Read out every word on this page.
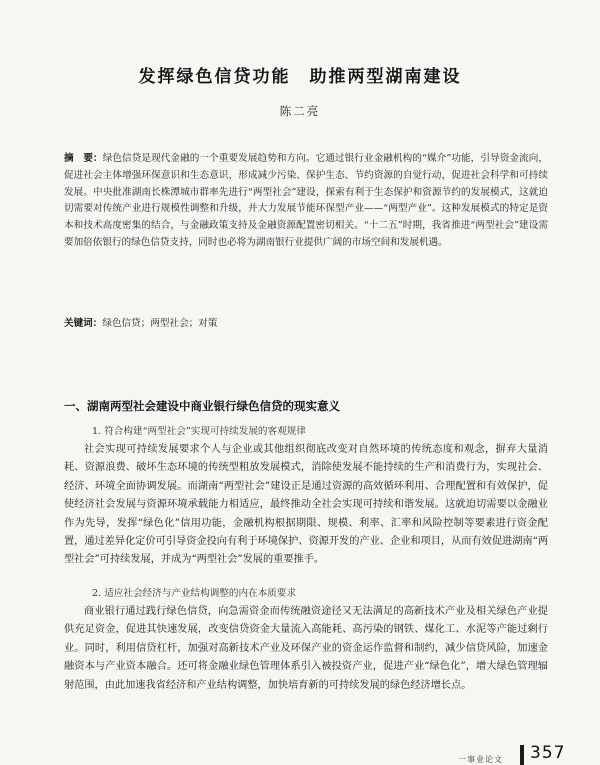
发挥绿色信贷功能　助推两型湖南建设
陈二亮
摘　要：绿色信贷是现代金融的一个重要发展趋势和方向。它通过银行业金融机构的“媒介”功能，引导资金流向，促进社会主体增强环保意识和生态意识，形成减少污染、保护生态、节约资源的自觉行动，促进社会科学和可持续发展。中央批准湖南长株潭城市群率先进行“两型社会”建设，探索有利于生态保护和资源节约的发展模式，这就迫切需要对传统产业进行规模性调整和升级，并大力发展节能环保型产业——“两型产业”。这种发展模式的特定是资本和技术高度密集的结合，与金融政策支持及金融资源配置密切相关。“十二五”时期，我省推进“两型社会”建设需要加倍依银行的绿色信贷支持，同时也必将为湖南银行业提供广阔的市场空间和发展机遇。
关键词：绿色信贷；两型社会；对策
一、湖南两型社会建设中商业银行绿色信贷的现实意义
1. 符合构建“两型社会”实现可持续发展的客观规律
社会实现可持续发展要求个人与企业或其他组织彻底改变对自然环境的传统态度和观念，摒弃大量消耗、资源浪费、破坏生态环境的传统型粗放发展模式，消除使发展不能持续的生产和消费行为，实现社会、经济、环境全面协调发展。而湖南“两型社会”建设正是通过资源的高效循环利用、合理配置和有效保护，促使经济社会发展与资源环境承载能力相适应，最终推动全社会实现可持续和谐发展。这就迫切需要以金融业作为先导，发挥“绿色化”信用功能，金融机构根据期限、规模、利率、汇率和风险控制等要素进行资金配置，通过差异化定价可引导资金投向有利于环境保护、资源开发的产业、企业和项目，从而有效促进湖南“两型社会”可持续发展，并成为“两型社会”发展的重要推手。
2. 适应社会经济与产业结构调整的内在本质要求
商业银行通过践行绿色信贷，向急需资金而传统融资途径又无法满足的高新技术产业及相关绿色产业提供充足资金，促进其快速发展，改变信贷资金大量流入高能耗、高污染的钢铁、煤化工、水泥等产能过剩行业。同时，利用信贷杠杆，加强对高新技术产业及环保产业的资金运作监督和制约，减少信贷风险，加速金融资本与产业资本融合。还可将金融业绿色管理体系引入被投资产业，促进产业“绿色化”，增大绿色管理辐射范围，由此加速我省经济和产业结构调整，加快培育新的可持续发展的绿色经济增长点。
一事业论文 357
